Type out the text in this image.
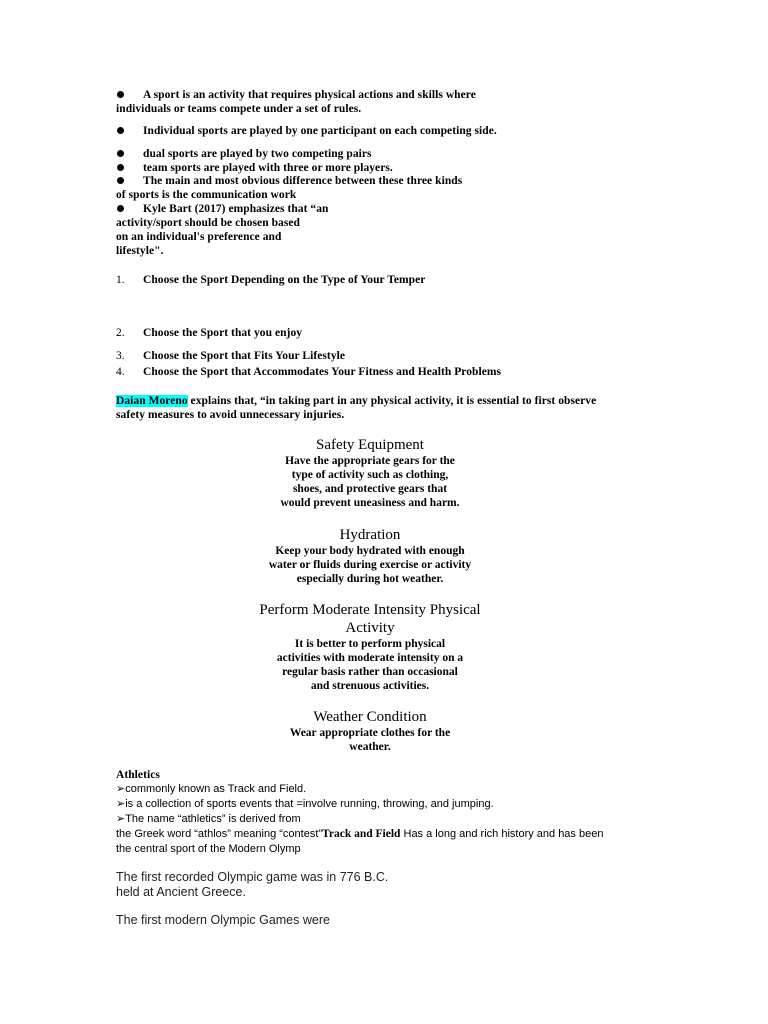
A sport is an activity that requires physical actions and skills where
individuals or teams compete under a set of rules.
Individual sports are played by one participant on each competing side.
dual sports are played by two competing pairs
team sports are played with three or more players.
The main and most obvious difference between these three kinds
of sports is the communication work
Kyle Bart (2017) emphasizes that “an
activity/sport should be chosen based
on an individual's preference and
lifestyle".
1. Choose the Sport Depending on the Type of Your Temper
2. Choose the Sport that you enjoy
3. Choose the Sport that Fits Your Lifestyle
4. Choose the Sport that Accommodates Your Fitness and Health Problems
Daian Moreno explains that, “in taking part in any physical activity, it is essential to first observe
safety measures to avoid unnecessary injuries.
Safety Equipment
Have the appropriate gears for the
type of activity such as clothing,
shoes, and protective gears that
would prevent uneasiness and harm.
Hydration
Keep your body hydrated with enough
water or fluids during exercise or activity
especially during hot weather.
Perform Moderate Intensity Physical
Activity
It is better to perform physical
activities with moderate intensity on a
regular basis rather than occasional
and strenuous activities.
Weather Condition
Wear appropriate clothes for the
weather.
Athletics
➢commonly known as Track and Field.
➢is a collection of sports events that =involve running, throwing, and jumping.
➢The name “athletics” is derived from
the Greek word “athlos” meaning “contest”Track and Field Has a long and rich history and has been
the central sport of the Modern Olymp
The first recorded Olympic game was in 776 B.C.
held at Ancient Greece.
The first modern Olympic Games were
